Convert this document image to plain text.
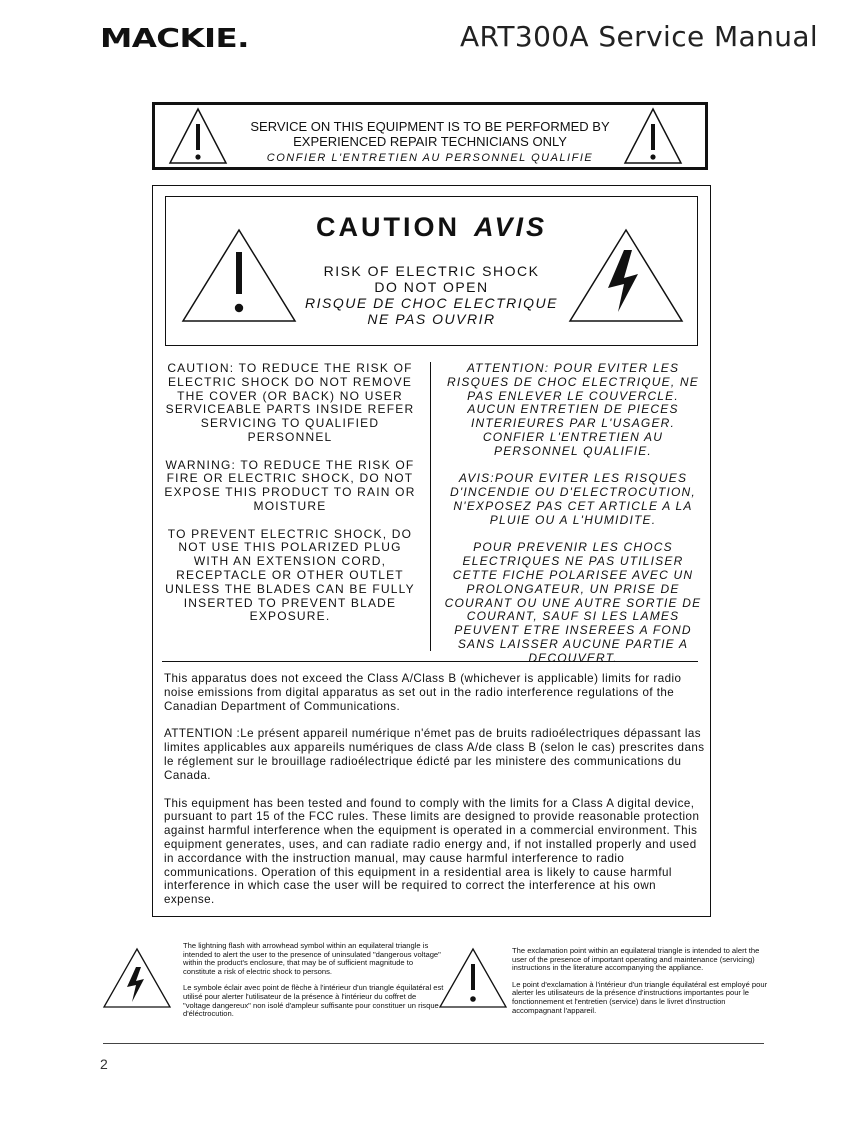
MACKIE.	ART300A Service Manual
SERVICE ON THIS EQUIPMENT IS TO BE PERFORMED BY
EXPERIENCED REPAIR TECHNICIANS ONLY
CONFIER L'ENTRETIEN AU PERSONNEL QUALIFIE
CAUTION AVIS
RISK OF ELECTRIC SHOCK
DO NOT OPEN
RISQUE DE CHOC ELECTRIQUE
NE PAS OUVRIR

CAUTION: TO REDUCE THE RISK OF ELECTRIC SHOCK DO NOT REMOVE THE COVER (OR BACK) NO USER SERVICEABLE PARTS INSIDE REFER SERVICING TO QUALIFIED PERSONNEL

WARNING: TO REDUCE THE RISK OF FIRE OR ELECTRIC SHOCK, DO NOT EXPOSE THIS PRODUCT TO RAIN OR MOISTURE

TO PREVENT ELECTRIC SHOCK, DO NOT USE THIS POLARIZED PLUG WITH AN EXTENSION CORD, RECEPTACLE OR OTHER OUTLET UNLESS THE BLADES CAN BE FULLY INSERTED TO PREVENT BLADE EXPOSURE.

ATTENTION: POUR EVITER LES RISQUES DE CHOC ELECTRIQUE, NE PAS ENLEVER LE COUVERCLE. AUCUN ENTRETIEN DE PIECES INTERIEURES PAR L'USAGER. CONFIER L'ENTRETIEN AU PERSONNEL QUALIFIE.

AVIS:POUR EVITER LES RISQUES D'INCENDIE OU D'ELECTROCUTION, N'EXPOSEZ PAS CET ARTICLE A LA PLUIE OU A L'HUMIDITE.

POUR PREVENIR LES CHOCS ELECTRIQUES NE PAS UTILISER CETTE FICHE POLARISEE AVEC UN PROLONGATEUR, UN PRISE DE COURANT OU UNE AUTRE SORTIE DE COURANT, SAUF SI LES LAMES PEUVENT ETRE INSEREES A FOND SANS LAISSER AUCUNE PARTIE A DECOUVERT.

This apparatus does not exceed the Class A/Class B (whichever is applicable) limits for radio noise emissions from digital apparatus as set out in the radio interference regulations of the Canadian Department of Communications.

ATTENTION :Le présent appareil numérique n'émet pas de bruits radioélectriques dépassant las limites applicables aux appareils numériques de class A/de class B (selon le cas) prescrites dans le réglement sur le brouillage radioélectrique édicté par les ministere des communications du Canada.

This equipment has been tested and found to comply with the limits for a Class A digital device, pursuant to part 15 of the FCC rules. These limits are designed to provide reasonable protection against harmful interference when the equipment is operated in a commercial environment. This equipment generates, uses, and can radiate radio energy and, if not installed properly and used in accordance with the instruction manual, may cause harmful interference to radio communications. Operation of this equipment in a residential area is likely to cause harmful interference in which case the user will be required to correct the interference at his own expense.

The lightning flash with arrowhead symbol within an equilateral triangle is intended to alert the user to the presence of uninsulated "dangerous voltage" within the product's enclosure, that may be of sufficient magnitude to constitute a risk of electric shock to persons.

Le symbole éclair avec point de flèche à l'intérieur d'un triangle équilatéral est utilisé pour alerter l'utilisateur de la présence à l'intérieur du coffret de "voltage dangereux" non isolé d'ampleur suffisante pour constituer un risque d'éléctrocution.

The exclamation point within an equilateral triangle is intended to alert the user of the presence of important operating and maintenance (servicing) instructions in the literature accompanying the appliance.

Le point d'exclamation à l'intérieur d'un triangle équilatéral est employé pour alerter les utilisateurs de la présence d'instructions importantes pour le fonctionnement et l'entretien (service) dans le livret d'instruction accompagnant l'appareil.

2
